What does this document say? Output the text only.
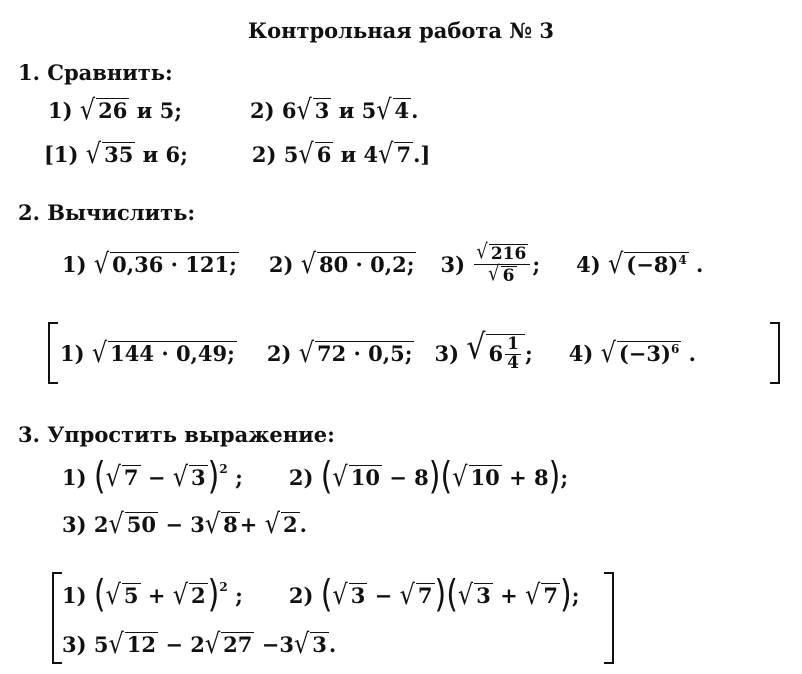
Контрольная работа № 3
1. Сравнить:
1)
√ 26
и
5;	2)
6 √ 3
и
5 √ 4 .
[1)
√ 35
и
6;	2)
5 √ 6
и
4 √ 7 .]
2. Вычислить:
1)
√ 0,36 · 121; 2)
√ 80 · 0,2; 3)
$\frac{√ 216}{√ 6}$ ; 4)
√ $(-8)^4$
.
1)
√ 144 · 0,49; 2)
√ 72 · 0,5; 3)
√ $6 \frac{1}{4}$ ; 4)
√ $(-3)^6$
.
3. Упростить выражение:
1)
( √ 7
−
√ 3 )$^2$
; 2)
( √ 10
− 8 )( √ 10
+ 8 ) ;
3)
2 √ 50
− 3 √ 8 +
√ 2 .
1)
( √ 5
+
√ 2 )$^2$
; 2)
( √ 3
−
√ 7 )( √ 3
+
√ 7 ) ;
3)
5 √ 12
− 2 √ 27
−3 √ 3 .
